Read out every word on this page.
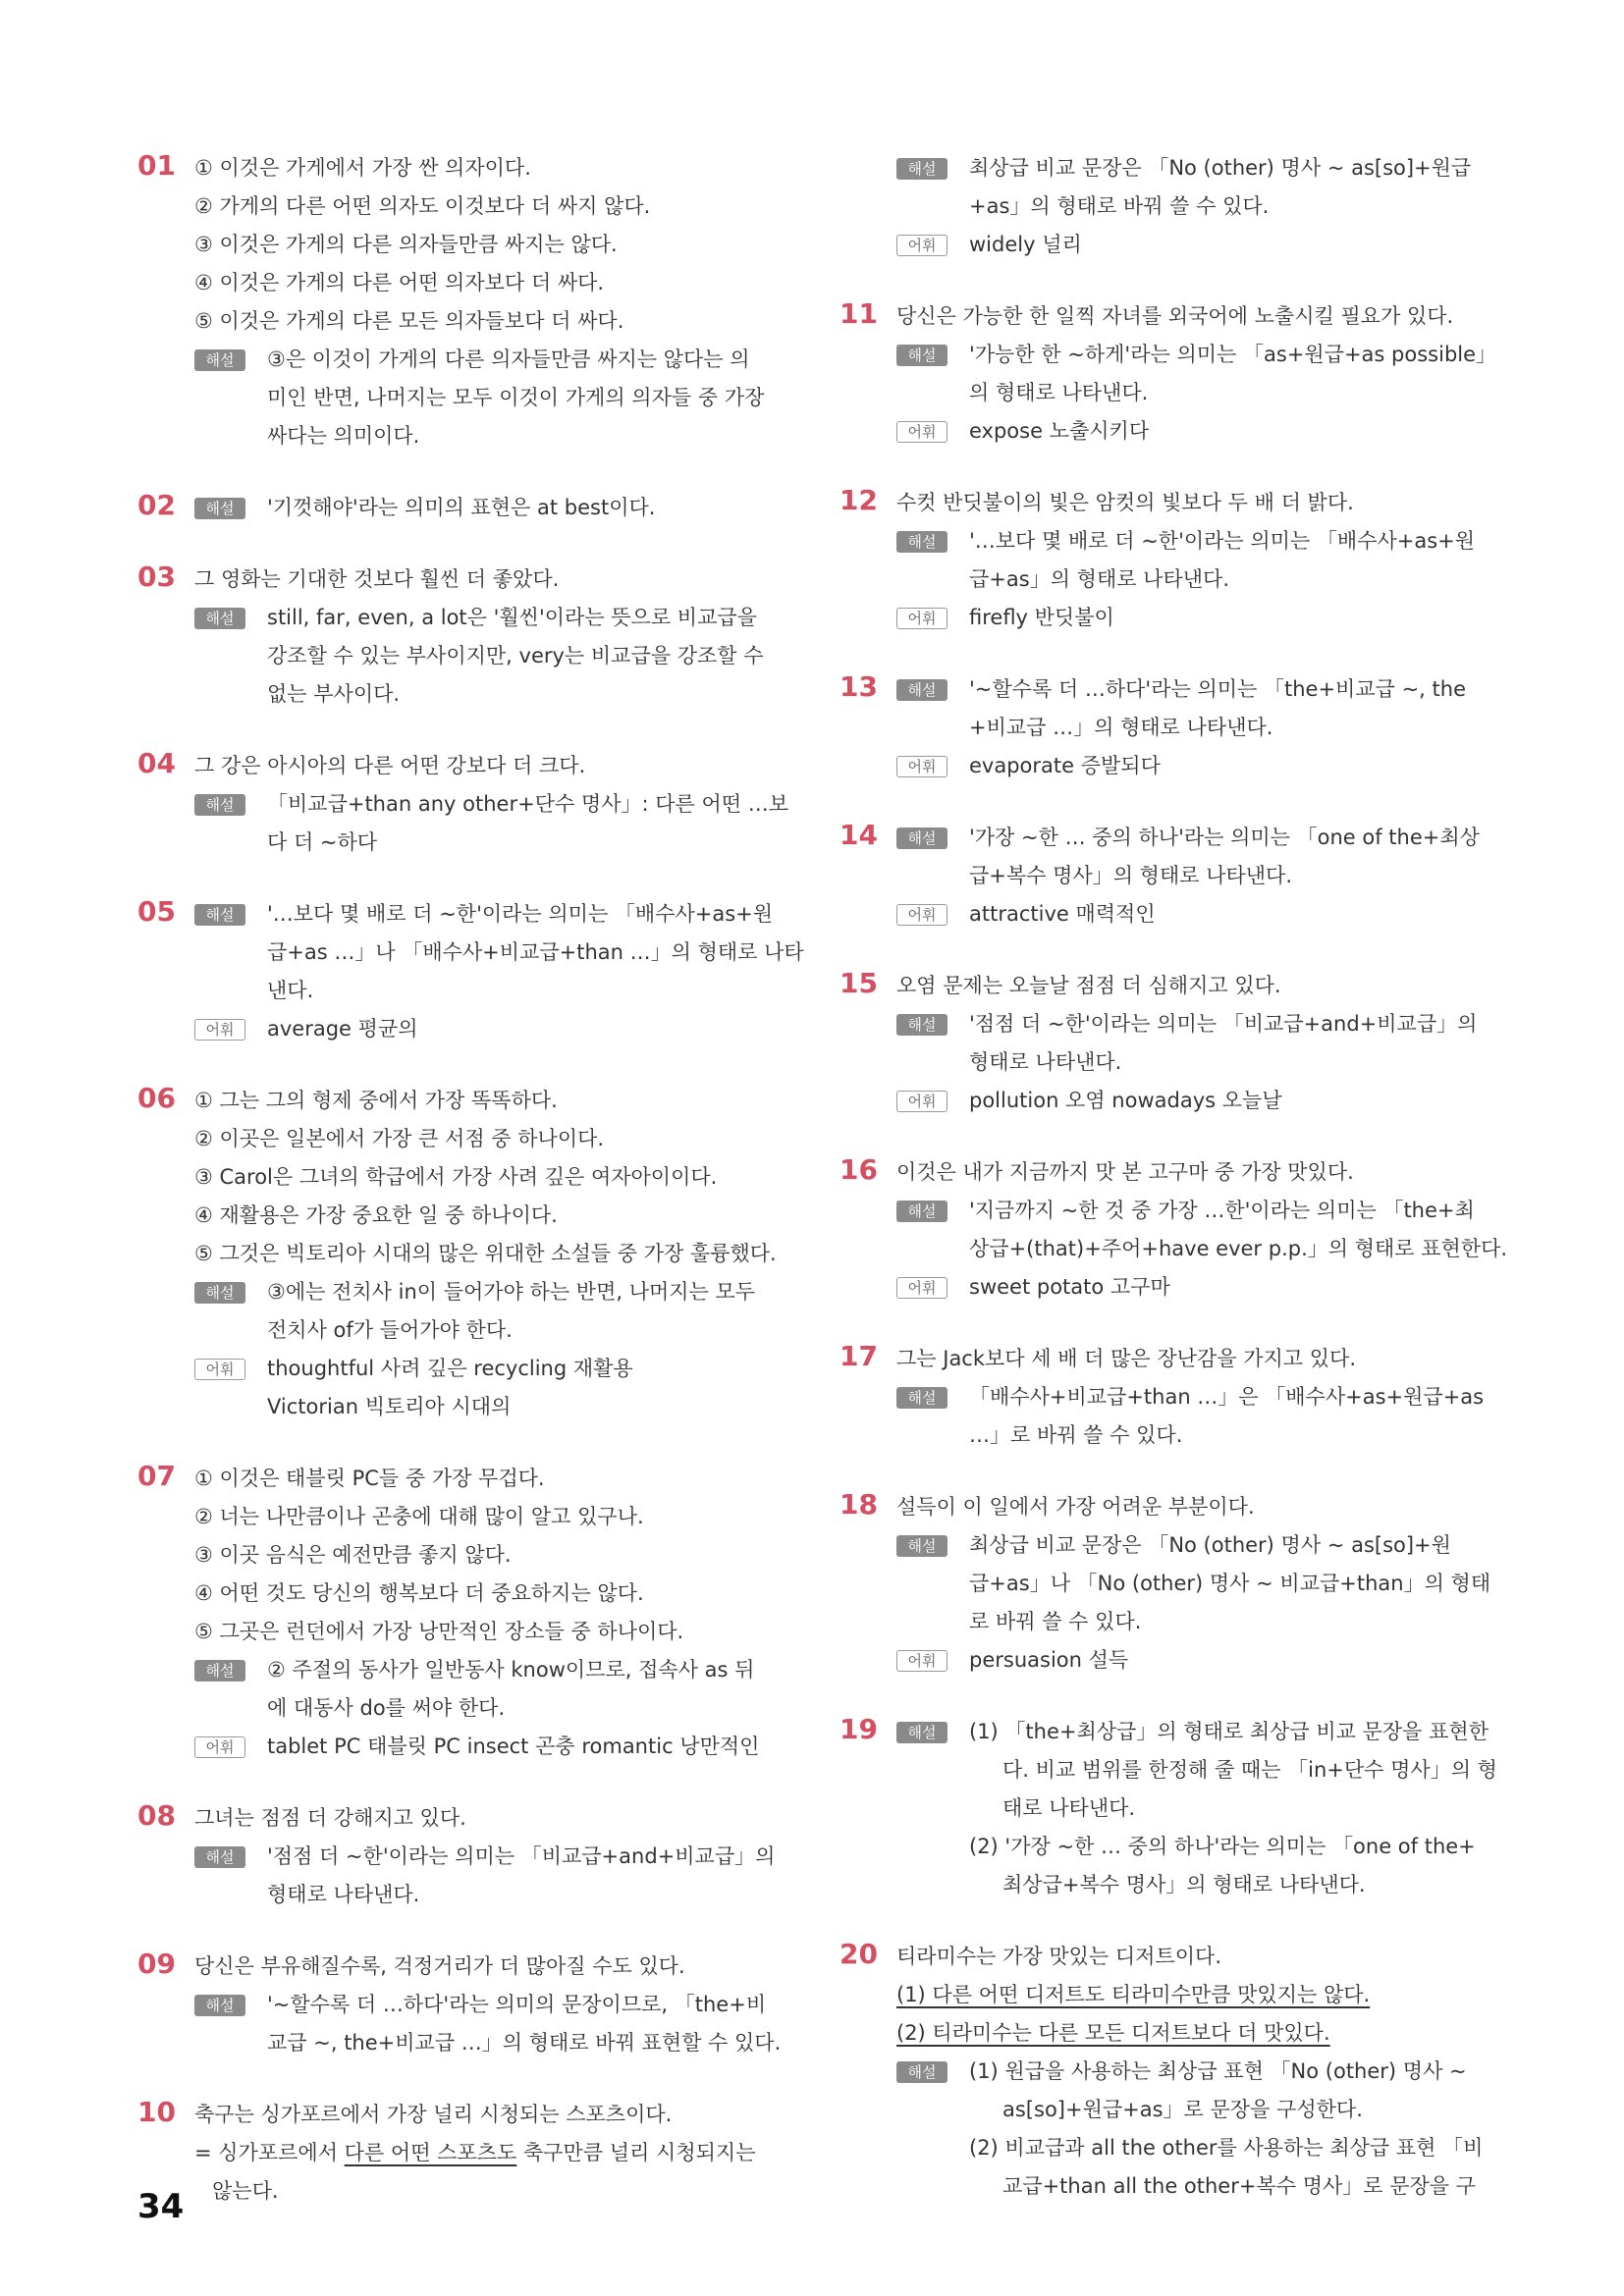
01 ① 이것은 가게에서 가장 싼 의자이다.
② 가게의 다른 어떤 의자도 이것보다 더 싸지 않다.
③ 이것은 가게의 다른 의자들만큼 싸지는 않다.
④ 이것은 가게의 다른 어떤 의자보다 더 싸다.
⑤ 이것은 가게의 다른 모든 의자들보다 더 싸다.
해설	③은 이것이 가게의 다른 의자들만큼 싸지는 않다는 의
미인 반면, 나머지는 모두 이것이 가게의 의자들 중 가장
싸다는 의미이다.
02	해설	'기껏해야'라는 의미의 표현은 at best이다.
03 그 영화는 기대한 것보다 훨씬 더 좋았다.
해설	still, far, even, a lot은 '훨씬'이라는 뜻으로 비교급을
강조할 수 있는 부사이지만, very는 비교급을 강조할 수
없는 부사이다.
04 그 강은 아시아의 다른 어떤 강보다 더 크다.
해설	「비교급+than any other+단수 명사」: 다른 어떤 …보
다 더 ~하다
05	해설	'…보다 몇 배로 더 ~한'이라는 의미는 「배수사+as+원
급+as …」나 「배수사+비교급+than …」의 형태로 나타
낸다.
어휘	average 평균의
06 ① 그는 그의 형제 중에서 가장 똑똑하다.
② 이곳은 일본에서 가장 큰 서점 중 하나이다.
③ Carol은 그녀의 학급에서 가장 사려 깊은 여자아이이다.
④ 재활용은 가장 중요한 일 중 하나이다.
⑤ 그것은 빅토리아 시대의 많은 위대한 소설들 중 가장 훌륭했다.
해설	③에는 전치사 in이 들어가야 하는 반면, 나머지는 모두
전치사 of가 들어가야 한다.
어휘	thoughtful 사려 깊은 recycling 재활용
Victorian 빅토리아 시대의
07 ① 이것은 태블릿 PC들 중 가장 무겁다.
② 너는 나만큼이나 곤충에 대해 많이 알고 있구나.
③ 이곳 음식은 예전만큼 좋지 않다.
④ 어떤 것도 당신의 행복보다 더 중요하지는 않다.
⑤ 그곳은 런던에서 가장 낭만적인 장소들 중 하나이다.
해설	② 주절의 동사가 일반동사 know이므로, 접속사 as 뒤
에 대동사 do를 써야 한다.
어휘	tablet PC 태블릿 PC insect 곤충 romantic 낭만적인
08 그녀는 점점 더 강해지고 있다.
해설	'점점 더 ~한'이라는 의미는 「비교급+and+비교급」의
형태로 나타낸다.
09 당신은 부유해질수록, 걱정거리가 더 많아질 수도 있다.
해설	'~할수록 더 …하다'라는 의미의 문장이므로, 「the+비
교급 ~, the+비교급 …」의 형태로 바꿔 표현할 수 있다.
10 축구는 싱가포르에서 가장 널리 시청되는 스포츠이다.
= 싱가포르에서 다른 어떤 스포츠도 축구만큼 널리 시청되지는
않는다.
해설	최상급 비교 문장은 「No (other) 명사 ~ as[so]+원급
+as」의 형태로 바꿔 쓸 수 있다.
어휘	widely 널리
11 당신은 가능한 한 일찍 자녀를 외국어에 노출시킬 필요가 있다.
해설	'가능한 한 ~하게'라는 의미는 「as+원급+as possible」
의 형태로 나타낸다.
어휘	expose 노출시키다
12 수컷 반딧불이의 빛은 암컷의 빛보다 두 배 더 밝다.
해설	'…보다 몇 배로 더 ~한'이라는 의미는 「배수사+as+원
급+as」의 형태로 나타낸다.
어휘	firefly 반딧불이
13	해설	'~할수록 더 …하다'라는 의미는 「the+비교급 ~, the
+비교급 …」의 형태로 나타낸다.
어휘	evaporate 증발되다
14	해설	'가장 ~한 … 중의 하나'라는 의미는 「one of the+최상
급+복수 명사」의 형태로 나타낸다.
어휘	attractive 매력적인
15 오염 문제는 오늘날 점점 더 심해지고 있다.
해설	'점점 더 ~한'이라는 의미는 「비교급+and+비교급」의
형태로 나타낸다.
어휘	pollution 오염 nowadays 오늘날
16 이것은 내가 지금까지 맛 본 고구마 중 가장 맛있다.
해설	'지금까지 ~한 것 중 가장 …한'이라는 의미는 「the+최
상급+(that)+주어+have ever p.p.」의 형태로 표현한다.
어휘	sweet potato 고구마
17 그는 Jack보다 세 배 더 많은 장난감을 가지고 있다.
해설	「배수사+비교급+than …」은 「배수사+as+원급+as
…」로 바꿔 쓸 수 있다.
18 설득이 이 일에서 가장 어려운 부분이다.
해설	최상급 비교 문장은 「No (other) 명사 ~ as[so]+원
급+as」나 「No (other) 명사 ~ 비교급+than」의 형태
로 바꿔 쓸 수 있다.
어휘	persuasion 설득
19	해설	(1) 「the+최상급」의 형태로 최상급 비교 문장을 표현한
다. 비교 범위를 한정해 줄 때는 「in+단수 명사」의 형
태로 나타낸다.
(2) '가장 ~한 … 중의 하나'라는 의미는 「one of the+
최상급+복수 명사」의 형태로 나타낸다.
20 티라미수는 가장 맛있는 디저트이다.
(1) 다른 어떤 디저트도 티라미수만큼 맛있지는 않다.
(2) 티라미수는 다른 모든 디저트보다 더 맛있다.
해설	(1) 원급을 사용하는 최상급 표현 「No (other) 명사 ~
as[so]+원급+as」로 문장을 구성한다.
(2) 비교급과 all the other를 사용하는 최상급 표현 「비
교급+than all the other+복수 명사」로 문장을 구
34
